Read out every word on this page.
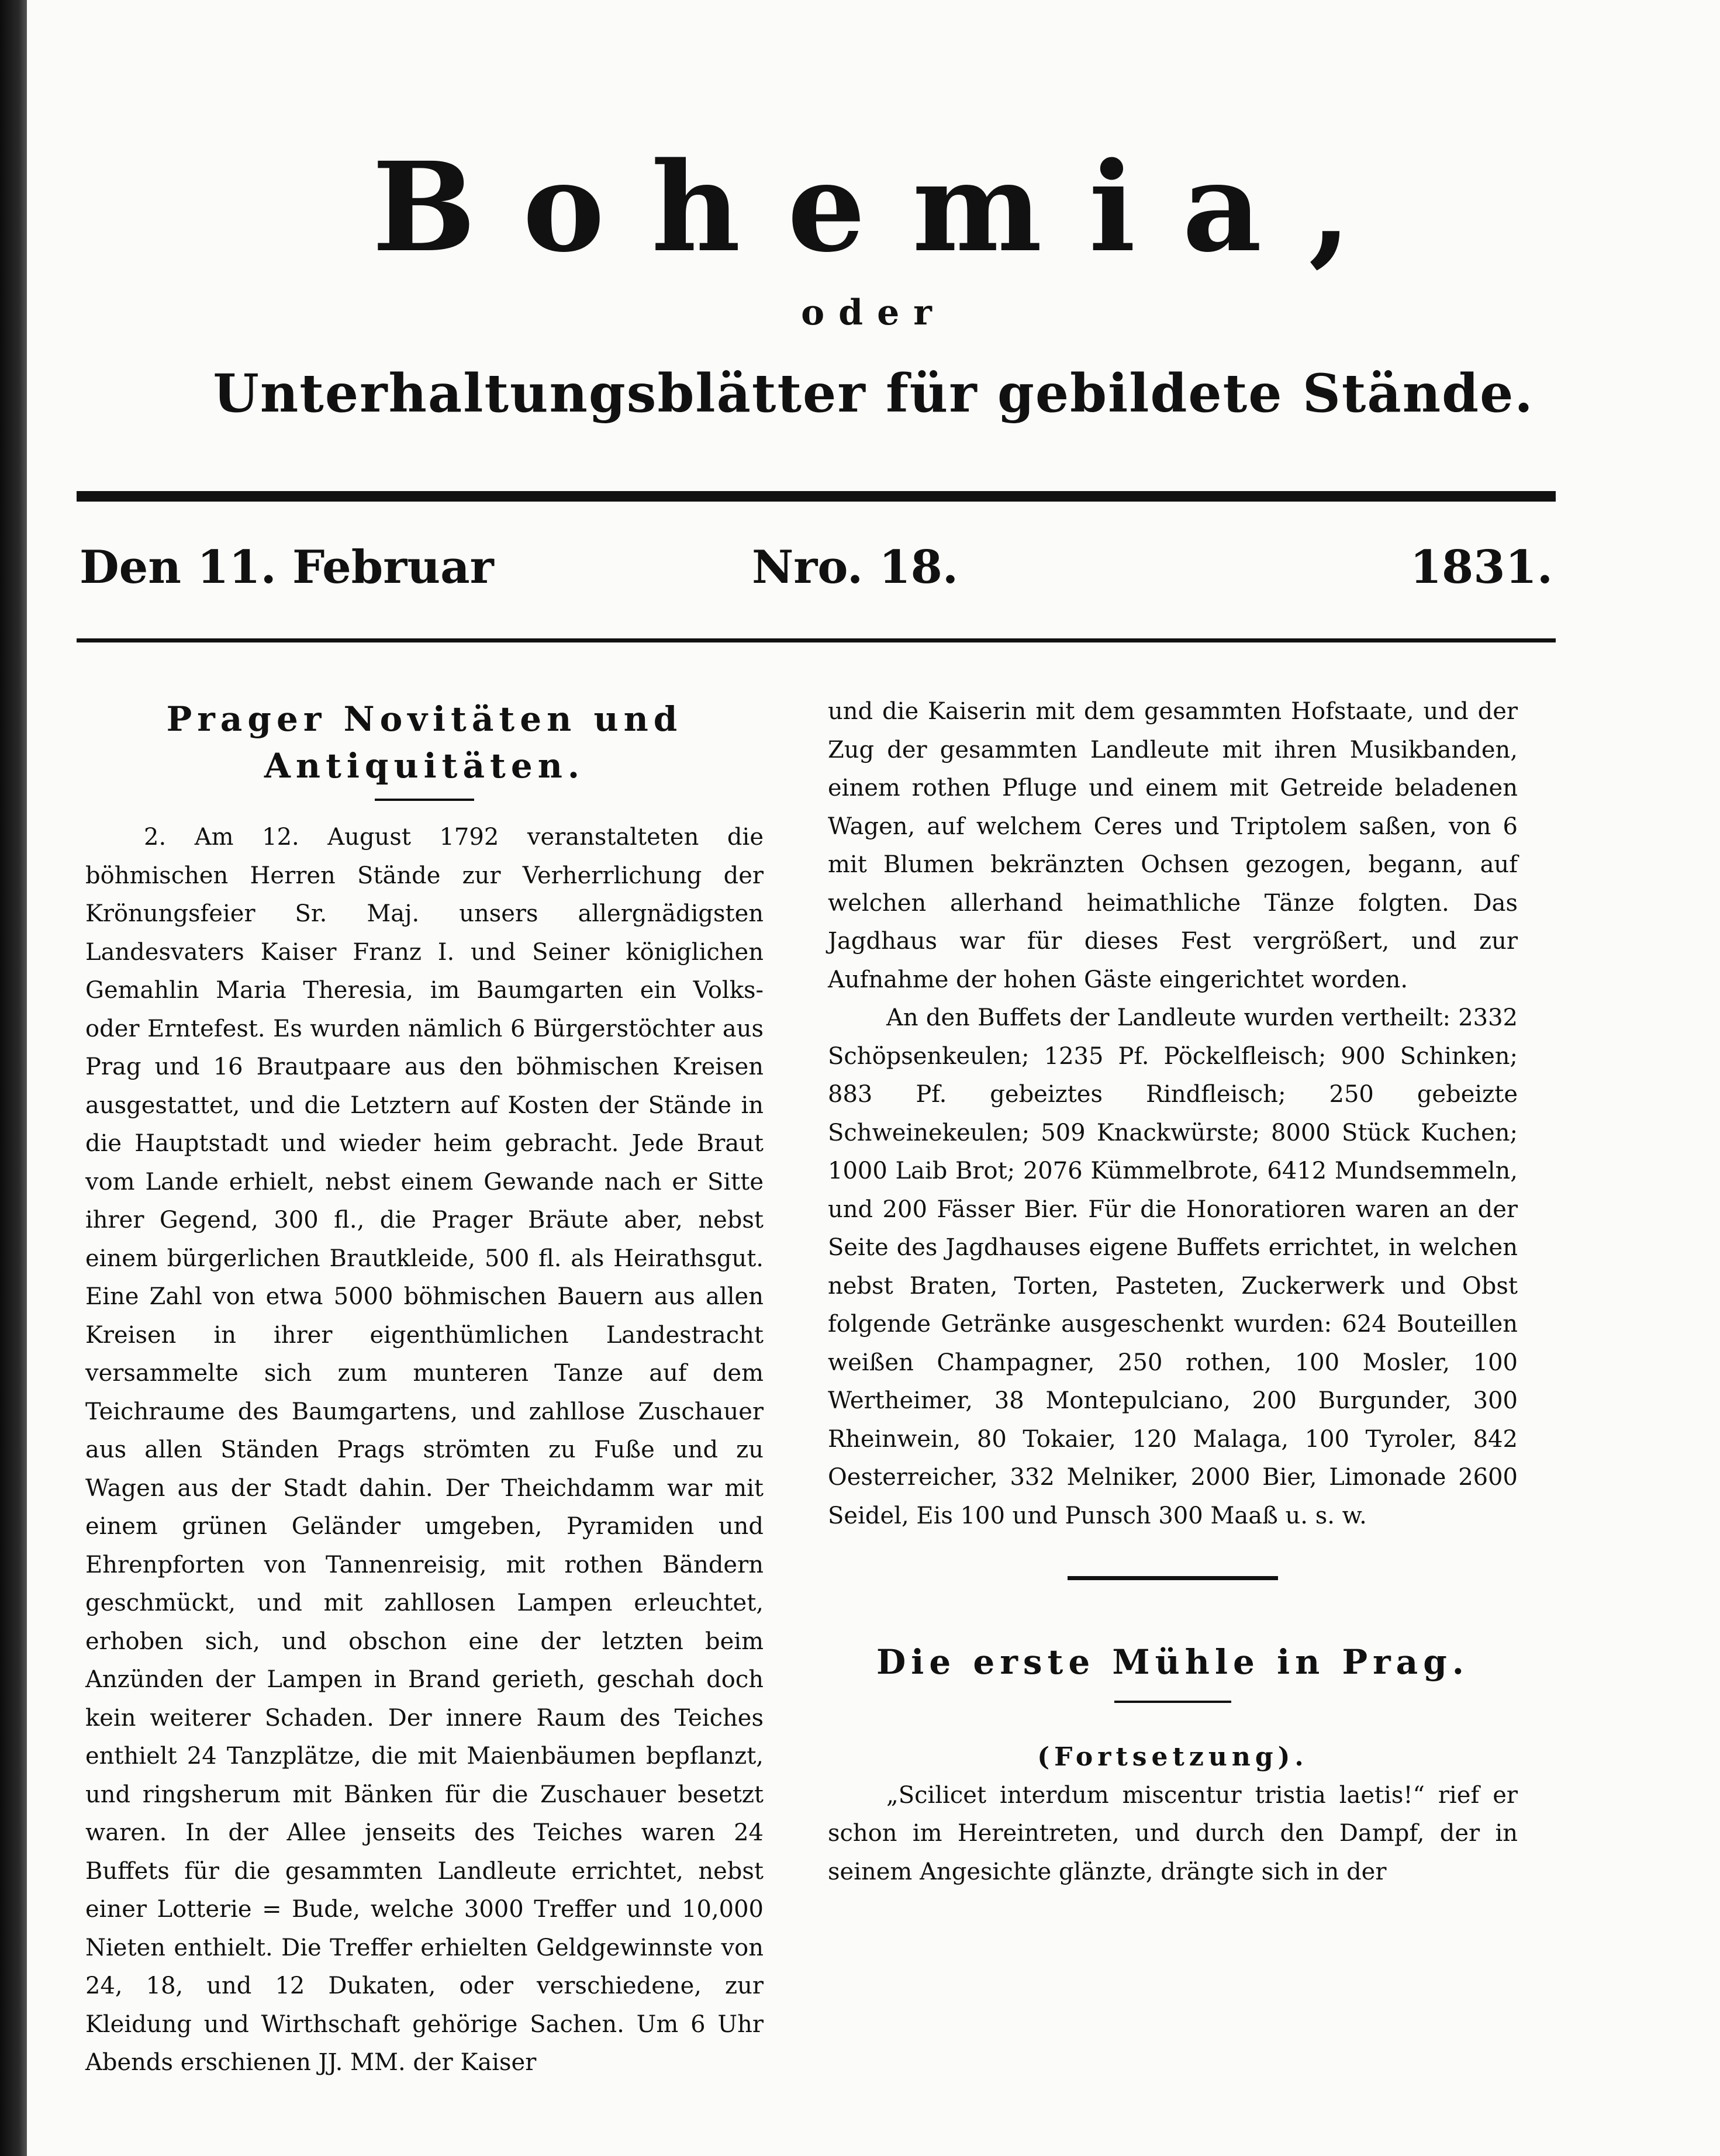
Bohemia,
oder
Unterhaltungsblätter für gebildete Stände.
Den 11. Februar	Nro. 18.	1831.
Prager Novitäten und Antiquitäten.

2. Am 12. August 1792 veranstalteten die böhmischen Herren Stände zur Verherrlichung der Krönungsfeier Sr. Maj. unsers allergnädigsten Landesvaters Kaiser Franz I. und Seiner königlichen Gemahlin Maria Theresia, im Baumgarten ein Volks- oder Erntefest. Es wurden nämlich 6 Bürgerstöchter aus Prag und 16 Brautpaare aus den böhmischen Kreisen ausgestattet, und die Letztern auf Kosten der Stände in die Hauptstadt und wieder heim gebracht. Jede Braut vom Lande erhielt, nebst einem Gewande nach er Sitte ihrer Gegend, 300 fl., die Prager Bräute aber, nebst einem bürgerlichen Brautkleide, 500 fl. als Heirathsgut. Eine Zahl von etwa 5000 böhmischen Bauern aus allen Kreisen in ihrer eigenthümlichen Landestracht versammelte sich zum munteren Tanze auf dem Teichraume des Baumgartens, und zahllose Zuschauer aus allen Ständen Prags strömten zu Fuße und zu Wagen aus der Stadt dahin. Der Theichdamm war mit einem grünen Geländer umgeben, Pyramiden und Ehrenpforten von Tannenreisig, mit rothen Bändern geschmückt, und mit zahllosen Lampen erleuchtet, erhoben sich, und obschon eine der letzten beim Anzünden der Lampen in Brand gerieth, geschah doch kein weiterer Schaden. Der innere Raum des Teiches enthielt 24 Tanzplätze, die mit Maienbäumen bepflanzt, und ringsherum mit Bänken für die Zuschauer besetzt waren. In der Allee jenseits des Teiches waren 24 Buffets für die gesammten Landleute errichtet, nebst einer Lotterie = Bude, welche 3000 Treffer und 10,000 Nieten enthielt. Die Treffer erhielten Geldgewinnste von 24, 18, und 12 Dukaten, oder verschiedene, zur Kleidung und Wirthschaft gehörige Sachen. Um 6 Uhr Abends erschienen JJ. MM. der Kaiser

und die Kaiserin mit dem gesammten Hofstaate, und der Zug der gesammten Landleute mit ihren Musikbanden, einem rothen Pfluge und einem mit Getreide beladenen Wagen, auf welchem Ceres und Triptolem saßen, von 6 mit Blumen bekränzten Ochsen gezogen, begann, auf welchen allerhand heimathliche Tänze folgten. Das Jagdhaus war für dieses Fest vergrößert, und zur Aufnahme der hohen Gäste eingerichtet worden.

An den Buffets der Landleute wurden vertheilt: 2332 Schöpsenkeulen; 1235 Pf. Pöckelfleisch; 900 Schinken; 883 Pf. gebeiztes Rindfleisch; 250 gebeizte Schweinekeulen; 509 Knackwürste; 8000 Stück Kuchen; 1000 Laib Brot; 2076 Kümmelbrote, 6412 Mundsemmeln, und 200 Fässer Bier. Für die Honoratioren waren an der Seite des Jagdhauses eigene Buffets errichtet, in welchen nebst Braten, Torten, Pasteten, Zuckerwerk und Obst folgende Getränke ausgeschenkt wurden: 624 Bouteillen weißen Champagner, 250 rothen, 100 Mosler, 100 Wertheimer, 38 Montepulciano, 200 Burgunder, 300 Rheinwein, 80 Tokaier, 120 Malaga, 100 Tyroler, 842 Oesterreicher, 332 Melniker, 2000 Bier, Limonade 2600 Seidel, Eis 100 und Punsch 300 Maaß u. s. w.

Die erste Mühle in Prag.

(Fortsetzung).

„Scilicet interdum miscentur tristia laetis!“ rief er schon im Hereintreten, und durch den Dampf, der in seinem Angesichte glänzte, drängte sich in der
